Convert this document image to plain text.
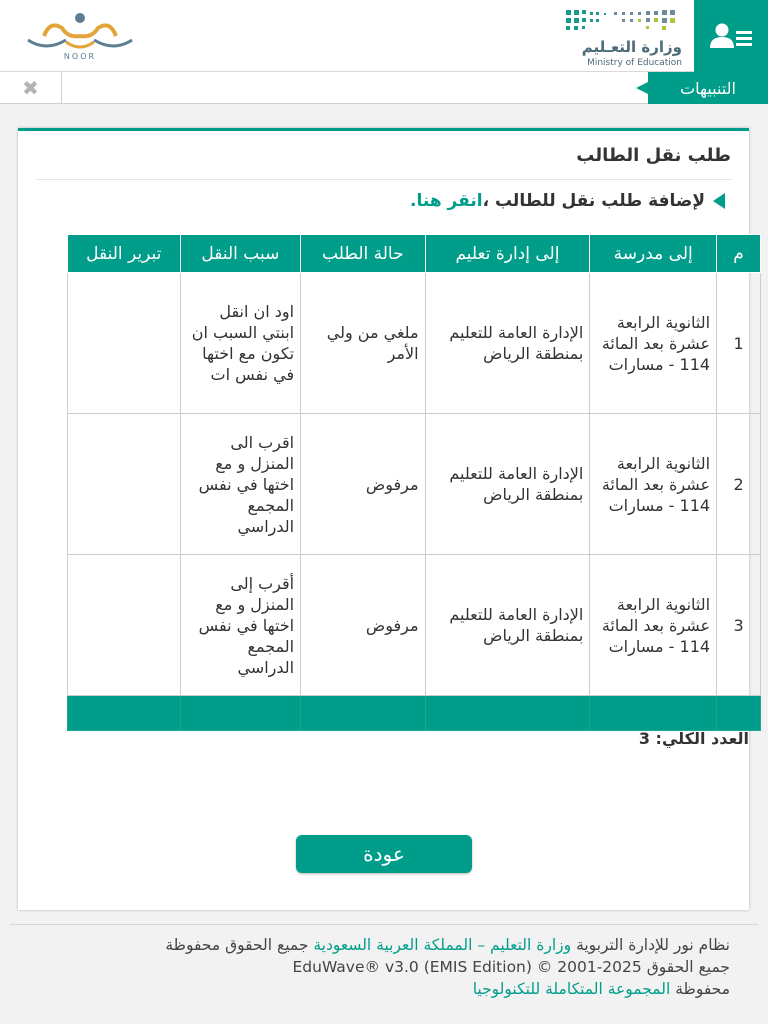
NOOR
وزارة التعـليم
Ministry of Education
✖	التنبيهات
طلب نقل الطالب
لإضافة طلب نقل للطالب ،انقر هنا.
م	إلى مدرسة	إلى إدارة تعليم	حالة الطلب	سبب النقل	تبرير النقل
1	الثانوية الرابعة عشرة بعد المائة 114 - مسارات	الإدارة العامة للتعليم بمنطقة الرياض	ملغي من ولي الأمر	اود ان انقل ابنتي السبب ان تكون مع اختها في نفس ات	
2	الثانوية الرابعة عشرة بعد المائة 114 - مسارات	الإدارة العامة للتعليم بمنطقة الرياض	مرفوض	اقرب الى المنزل و مع اختها في نفس المجمع الدراسي	
3	الثانوية الرابعة عشرة بعد المائة 114 - مسارات	الإدارة العامة للتعليم بمنطقة الرياض	مرفوض	أقرب إلى المنزل و مع اختها في نفس المجمع الدراسي	

العدد الكلي: 3
عودة
نظام نور للإدارة التربوية وزارة التعليم – المملكة العربية السعودية جميع الحقوق محفوظة
جميع الحقوق EduWave® v3.0 (EMIS Edition) © 2001-2025
محفوظة المجموعة المتكاملة للتكنولوجيا
